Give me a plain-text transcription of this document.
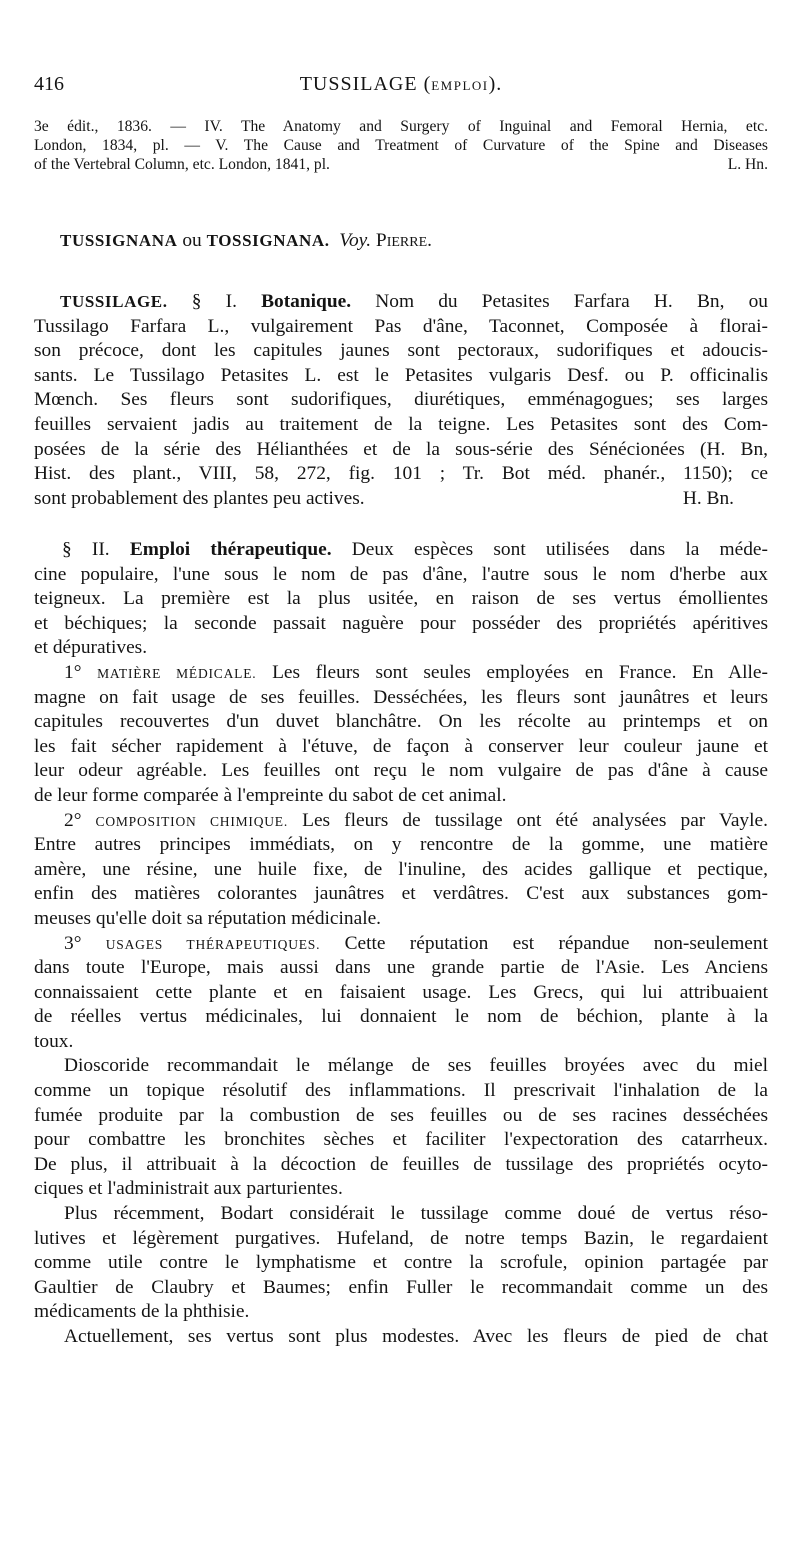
416	TUSSILAGE (EMPLOI).
3e édit., 1836. — IV. The Anatomy and Surgery of Inguinal and Femoral Hernia, etc.
London, 1834, pl. — V. The Cause and Treatment of Curvature of the Spine and Diseases
of the Vertebral Column, etc. London, 1841, pl.	L. Hn.
TUSSIGNANA ou TOSSIGNANA. Voy. Pierre.
TUSSILAGE. § I. Botanique. Nom du Petasites Farfara H. Bn, ou
Tussilago Farfara L., vulgairement Pas d'âne, Taconnet, Composée à florai-
son précoce, dont les capitules jaunes sont pectoraux, sudorifiques et adoucis-
sants. Le Tussilago Petasites L. est le Petasites vulgaris Desf. ou P. officinalis
Mœnch. Ses fleurs sont sudorifiques, diurétiques, emménagogues; ses larges
feuilles servaient jadis au traitement de la teigne. Les Petasites sont des Com-
posées de la série des Hélianthées et de la sous-série des Sénécionées (H. Bn,
Hist. des plant., VIII, 58, 272, fig. 101 ; Tr. Bot méd. phanér., 1150); ce
sont probablement des plantes peu actives.	H. Bn.
§ II. Emploi thérapeutique. Deux espèces sont utilisées dans la méde-
cine populaire, l'une sous le nom de pas d'âne, l'autre sous le nom d'herbe aux
teigneux. La première est la plus usitée, en raison de ses vertus émollientes
et béchiques; la seconde passait naguère pour posséder des propriétés apéritives
et dépuratives.
1° MATIÈRE MÉDICALE. Les fleurs sont seules employées en France. En Alle-
magne on fait usage de ses feuilles. Desséchées, les fleurs sont jaunâtres et leurs
capitules recouvertes d'un duvet blanchâtre. On les récolte au printemps et on
les fait sécher rapidement à l'étuve, de façon à conserver leur couleur jaune et
leur odeur agréable. Les feuilles ont reçu le nom vulgaire de pas d'âne à cause
de leur forme comparée à l'empreinte du sabot de cet animal.
2° COMPOSITION CHIMIQUE. Les fleurs de tussilage ont été analysées par Vayle.
Entre autres principes immédiats, on y rencontre de la gomme, une matière
amère, une résine, une huile fixe, de l'inuline, des acides gallique et pectique,
enfin des matières colorantes jaunâtres et verdâtres. C'est aux substances gom-
meuses qu'elle doit sa réputation médicinale.
3° USAGES THÉRAPEUTIQUES. Cette réputation est répandue non-seulement
dans toute l'Europe, mais aussi dans une grande partie de l'Asie. Les Anciens
connaissaient cette plante et en faisaient usage. Les Grecs, qui lui attribuaient
de réelles vertus médicinales, lui donnaient le nom de béchion, plante à la
toux.
Dioscoride recommandait le mélange de ses feuilles broyées avec du miel
comme un topique résolutif des inflammations. Il prescrivait l'inhalation de la
fumée produite par la combustion de ses feuilles ou de ses racines desséchées
pour combattre les bronchites sèches et faciliter l'expectoration des catarrheux.
De plus, il attribuait à la décoction de feuilles de tussilage des propriétés ocyto-
ciques et l'administrait aux parturientes.
Plus récemment, Bodart considérait le tussilage comme doué de vertus réso-
lutives et légèrement purgatives. Hufeland, de notre temps Bazin, le regardaient
comme utile contre le lymphatisme et contre la scrofule, opinion partagée par
Gaultier de Claubry et Baumes; enfin Fuller le recommandait comme un des
médicaments de la phthisie.
Actuellement, ses vertus sont plus modestes. Avec les fleurs de pied de chat
